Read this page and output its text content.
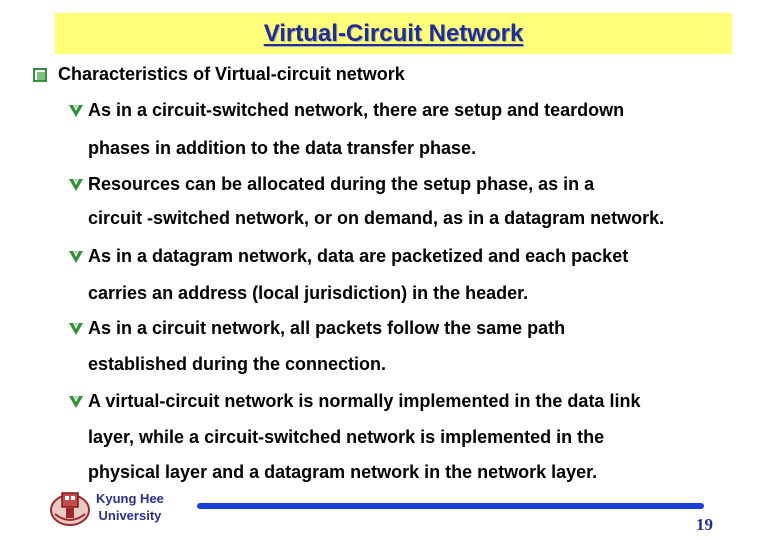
Virtual-Circuit Network
Characteristics of Virtual-circuit network
As in a circuit-switched network, there are setup and teardown
phases in addition to the data transfer phase.
Resources can be allocated during the setup phase, as in a
circuit -switched network, or on demand, as in a datagram network.
As in a datagram network, data are packetized and each packet
carries an address (local jurisdiction) in the header.
As in a circuit network, all packets follow the same path
established during the connection.
A virtual-circuit network is normally implemented in the data link
layer, while a circuit-switched network is implemented in the
physical layer and a datagram network in the network layer.
Kyung Hee
University	19
